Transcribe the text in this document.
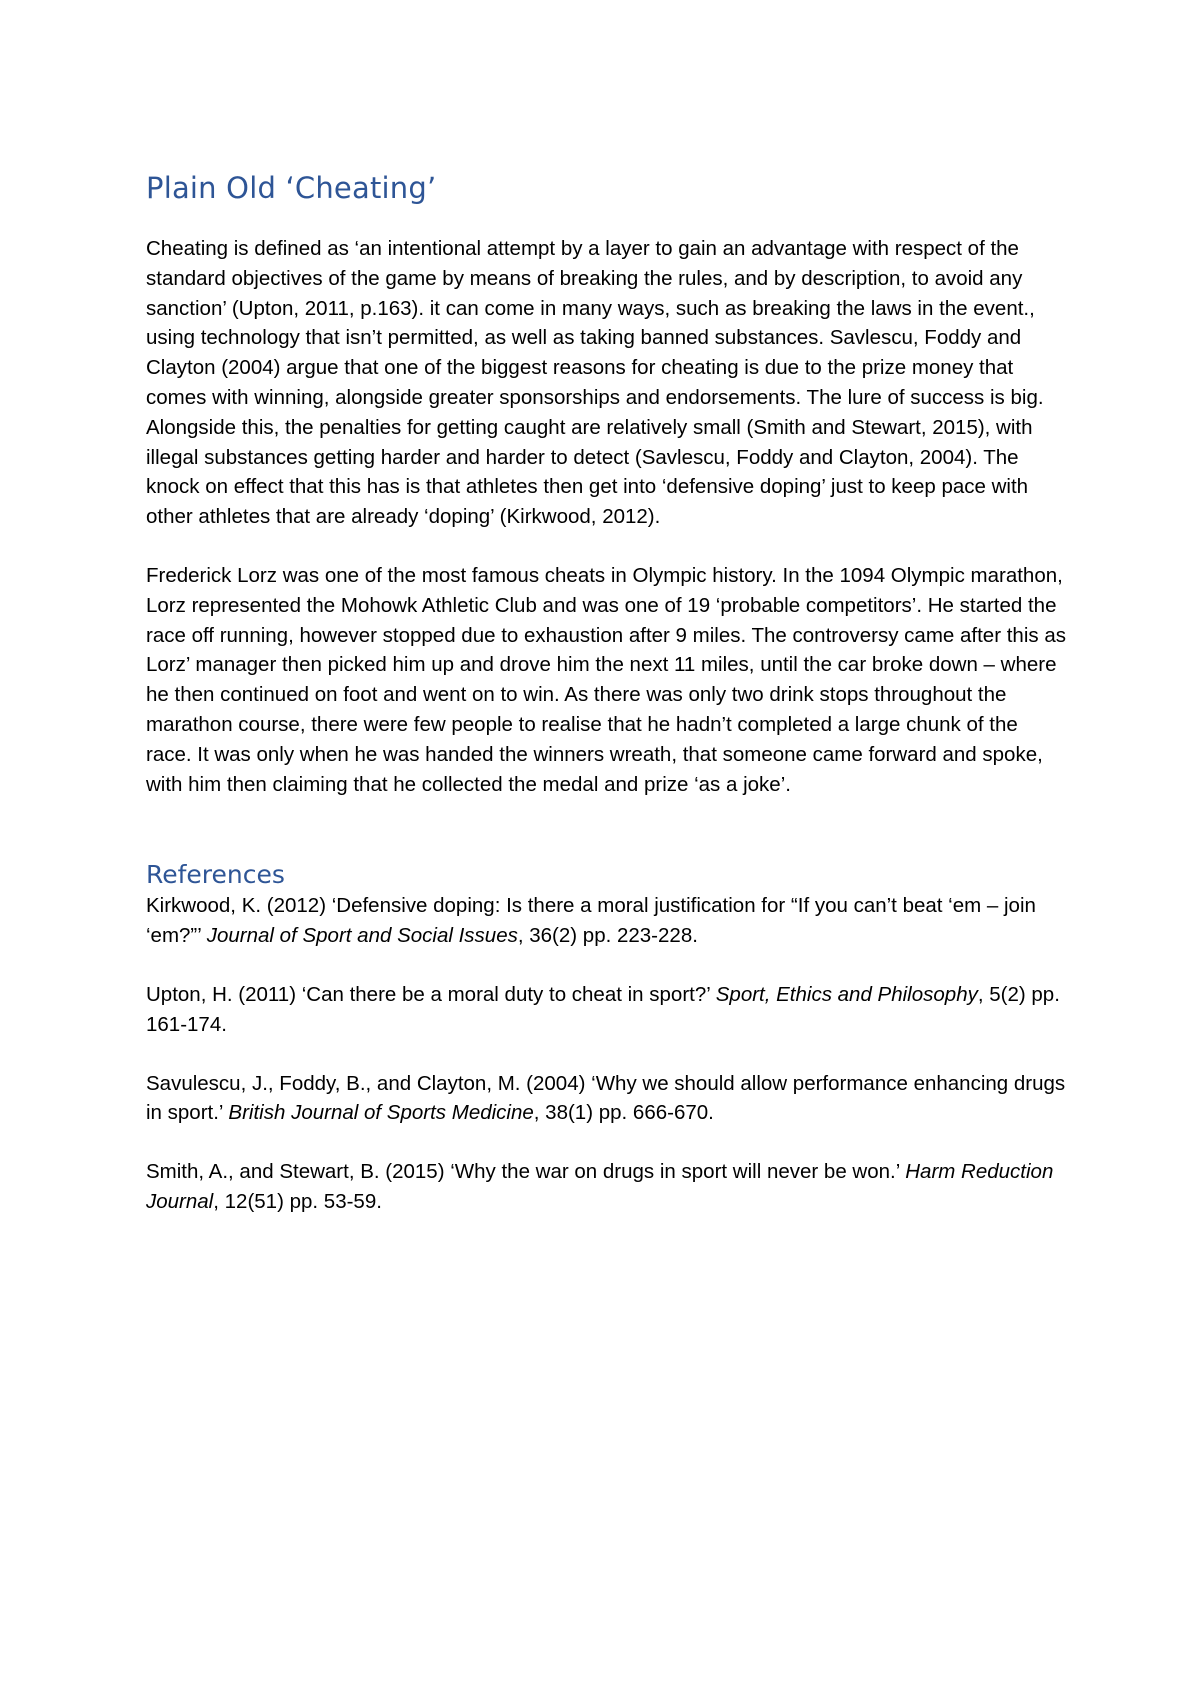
Plain Old ‘Cheating’

Cheating is defined as ‘an intentional attempt by a layer to gain an advantage with respect of the standard objectives of the game by means of breaking the rules, and by description, to avoid any sanction’ (Upton, 2011, p.163). it can come in many ways, such as breaking the laws in the event., using technology that isn’t permitted, as well as taking banned substances. Savlescu, Foddy and Clayton (2004) argue that one of the biggest reasons for cheating is due to the prize money that comes with winning, alongside greater sponsorships and endorsements. The lure of success is big. Alongside this, the penalties for getting caught are relatively small (Smith and Stewart, 2015), with illegal substances getting harder and harder to detect (Savlescu, Foddy and Clayton, 2004). The knock on effect that this has is that athletes then get into ‘defensive doping’ just to keep pace with other athletes that are already ‘doping’ (Kirkwood, 2012).

Frederick Lorz was one of the most famous cheats in Olympic history. In the 1094 Olympic marathon, Lorz represented the Mohowk Athletic Club and was one of 19 ‘probable competitors’. He started the race off running, however stopped due to exhaustion after 9 miles. The controversy came after this as Lorz’ manager then picked him up and drove him the next 11 miles, until the car broke down – where he then continued on foot and went on to win. As there was only two drink stops throughout the marathon course, there were few people to realise that he hadn’t completed a large chunk of the race. It was only when he was handed the winners wreath, that someone came forward and spoke, with him then claiming that he collected the medal and prize ‘as a joke’.

References

Kirkwood, K. (2012) ‘Defensive doping: Is there a moral justification for “If you can’t beat ‘em – join ‘em?”’ Journal of Sport and Social Issues, 36(2) pp. 223-228.

Upton, H. (2011) ‘Can there be a moral duty to cheat in sport?’ Sport, Ethics and Philosophy, 5(2) pp. 161-174.

Savulescu, J., Foddy, B., and Clayton, M. (2004) ‘Why we should allow performance enhancing drugs in sport.’ British Journal of Sports Medicine, 38(1) pp. 666-670.

Smith, A., and Stewart, B. (2015) ‘Why the war on drugs in sport will never be won.’ Harm Reduction Journal, 12(51) pp. 53-59.
